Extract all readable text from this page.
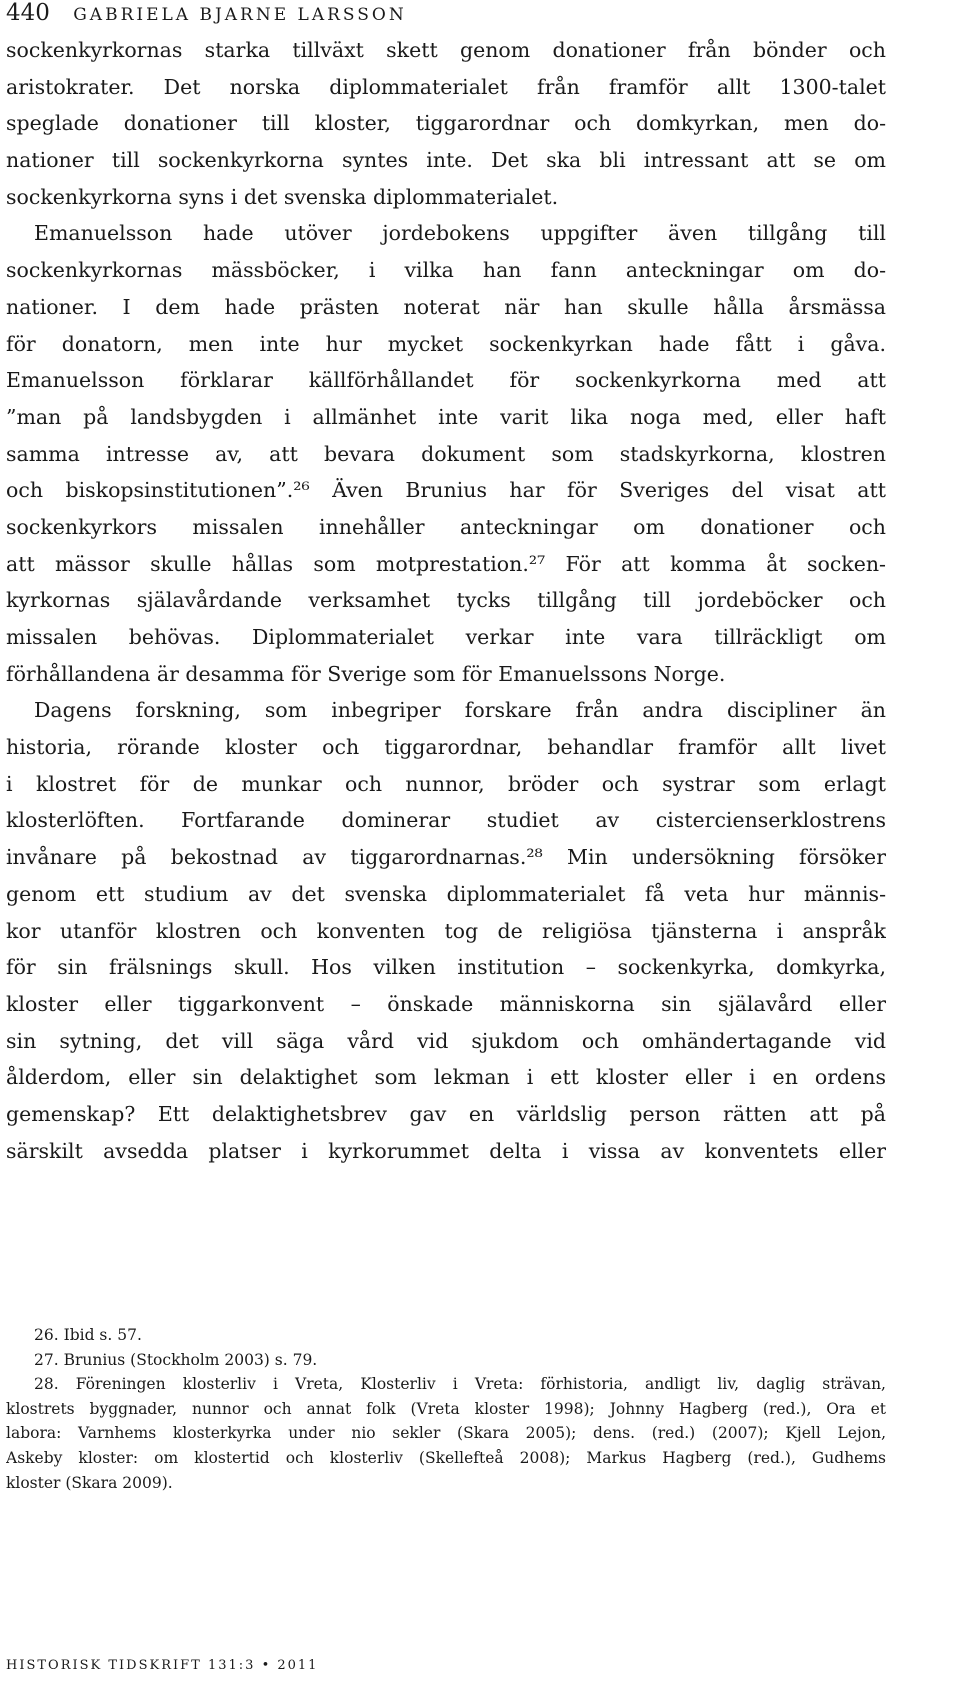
440 GABRIELA BJARNE LARSSON
sockenkyrkornas starka tillväxt skett genom donationer från bönder och
aristokrater. Det norska diplommaterialet från framför allt 1300-talet
speglade donationer till kloster, tiggarordnar och domkyrkan, men do-
nationer till sockenkyrkorna syntes inte. Det ska bli intressant att se om
sockenkyrkorna syns i det svenska diplommaterialet.
Emanuelsson hade utöver jordebokens uppgifter även tillgång till
sockenkyrkornas mässböcker, i vilka han fann anteckningar om do-
nationer. I dem hade prästen noterat när han skulle hålla årsmässa
för donatorn, men inte hur mycket sockenkyrkan hade fått i gåva.
Emanuelsson förklarar källförhållandet för sockenkyrkorna med att
”man på landsbygden i allmänhet inte varit lika noga med, eller haft
samma intresse av, att bevara dokument som stadskyrkorna, klostren
och biskopsinstitutionen”.²⁶ Även Brunius har för Sveriges del visat att
sockenkyrkors missalen innehåller anteckningar om donationer och
att mässor skulle hållas som motprestation.²⁷ För att komma åt socken-
kyrkornas själavårdande verksamhet tycks tillgång till jordeböcker och
missalen behövas. Diplommaterialet verkar inte vara tillräckligt om
förhållandena är desamma för Sverige som för Emanuelssons Norge.
Dagens forskning, som inbegriper forskare från andra discipliner än
historia, rörande kloster och tiggarordnar, behandlar framför allt livet
i klostret för de munkar och nunnor, bröder och systrar som erlagt
klosterlöften. Fortfarande dominerar studiet av cistercienserklostrens
invånare på bekostnad av tiggarordnarnas.²⁸ Min undersökning försöker
genom ett studium av det svenska diplommaterialet få veta hur männis-
kor utanför klostren och konventen tog de religiösa tjänsterna i anspråk
för sin frälsnings skull. Hos vilken institution – sockenkyrka, domkyrka,
kloster eller tiggarkonvent – önskade människorna sin själavård eller
sin sytning, det vill säga vård vid sjukdom och omhändertagande vid
ålderdom, eller sin delaktighet som lekman i ett kloster eller i en ordens
gemenskap? Ett delaktighetsbrev gav en världslig person rätten att på
särskilt avsedda platser i kyrkorummet delta i vissa av konventets eller
26. Ibid s. 57.
27. Brunius (Stockholm 2003) s. 79.
28. Föreningen klosterliv i Vreta, Klosterliv i Vreta: förhistoria, andligt liv, daglig strävan,
klostrets byggnader, nunnor och annat folk (Vreta kloster 1998); Johnny Hagberg (red.), Ora et
labora: Varnhems klosterkyrka under nio sekler (Skara 2005); dens. (red.) (2007); Kjell Lejon,
Askeby kloster: om klostertid och klosterliv (Skellefteå 2008); Markus Hagberg (red.), Gudhems
kloster (Skara 2009).
HISTORISK TIDSKRIFT 131:3 • 2011
